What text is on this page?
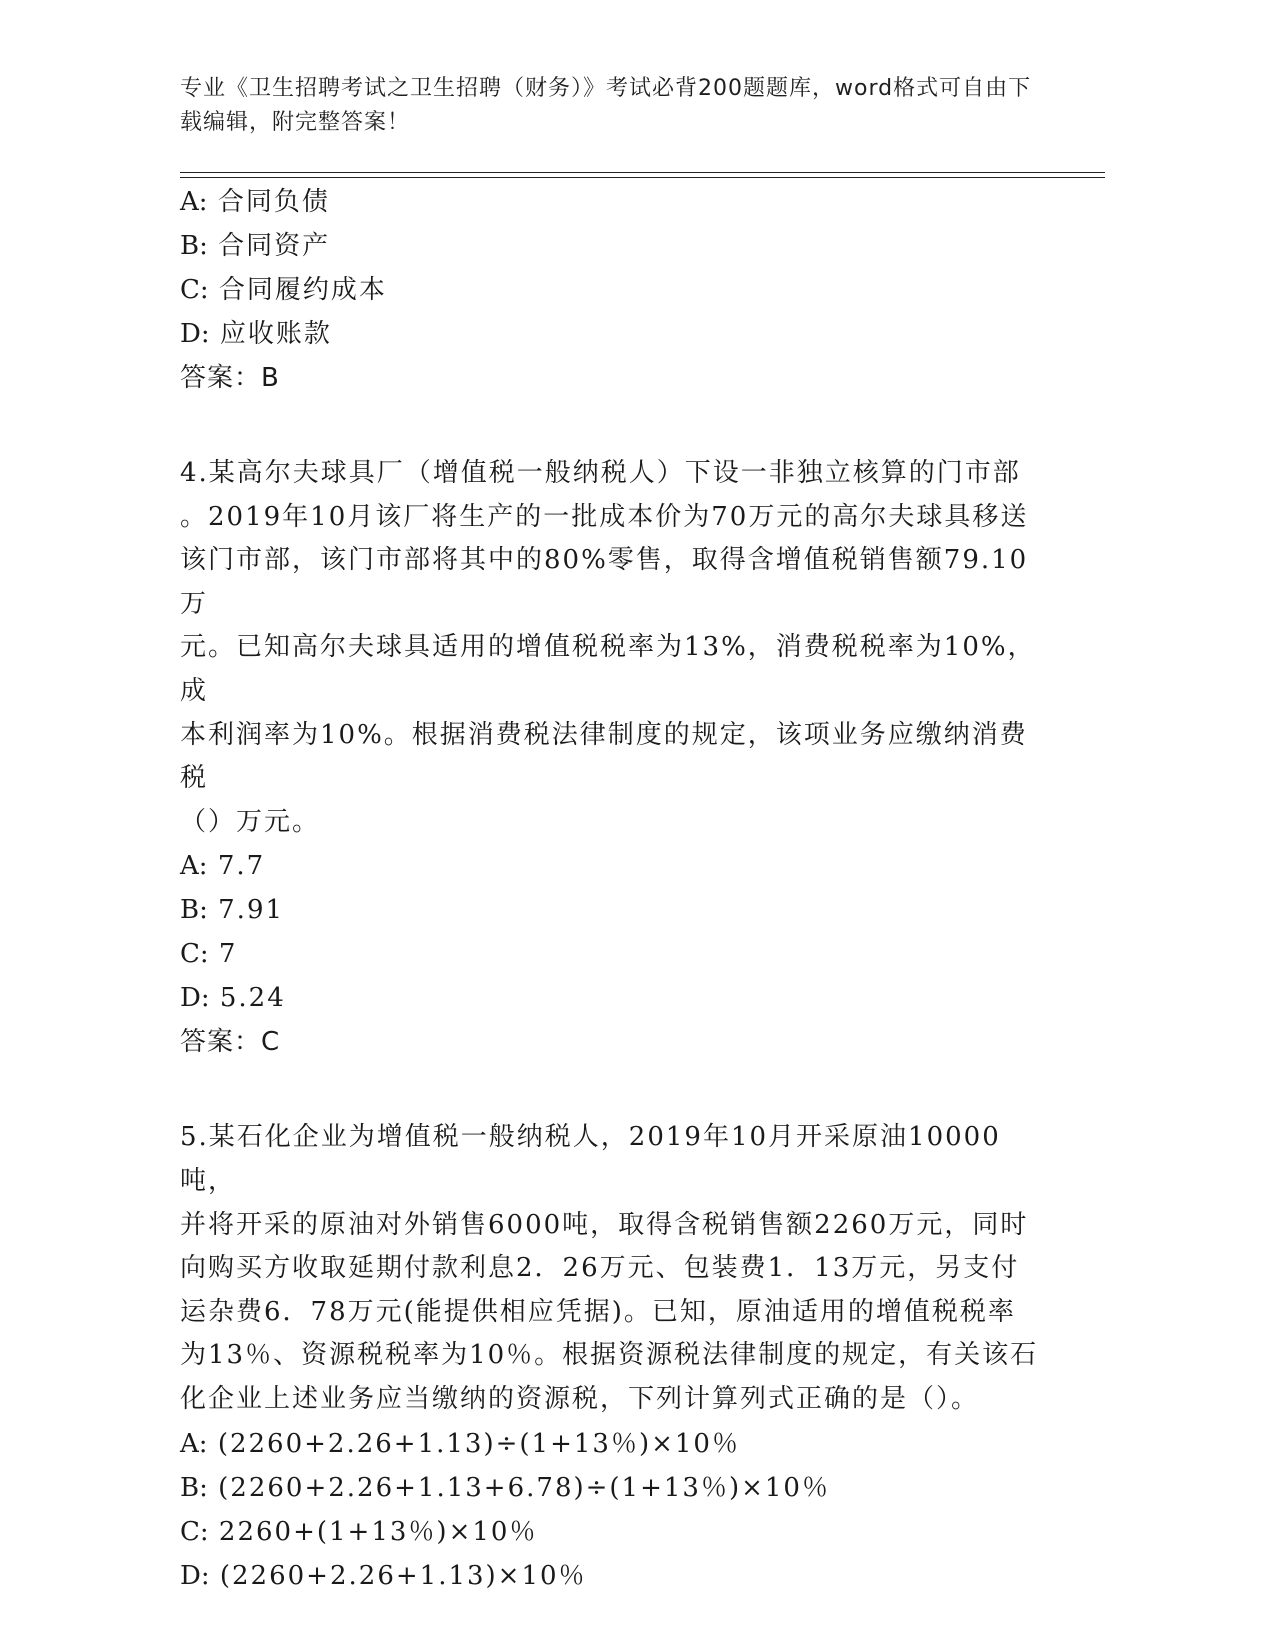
专业《卫生招聘考试之卫生招聘（财务）》考试必背200题题库，word格式可自由下载编辑，附完整答案！
A: 合同负债
B: 合同资产
C: 合同履约成本
D: 应收账款
答案：B
4.某高尔夫球具厂（增值税一般纳税人）下设一非独立核算的门市部
。2019年10月该厂将生产的一批成本价为70万元的高尔夫球具移送
该门市部，该门市部将其中的80%零售，取得含增值税销售额79.10万
元。已知高尔夫球具适用的增值税税率为13%，消费税税率为10%，成
本利润率为10%。根据消费税法律制度的规定，该项业务应缴纳消费税
（）万元。
A: 7.7
B: 7.91
C: 7
D: 5.24
答案：C
5.某石化企业为增值税一般纳税人，2019年10月开采原油10000吨，
并将开采的原油对外销售6000吨，取得含税销售额2260万元，同时
向购买方收取延期付款利息2．26万元、包装费1．13万元，另支付
运杂费6．78万元(能提供相应凭据)。已知，原油适用的增值税税率
为13％、资源税税率为10％。根据资源税法律制度的规定，有关该石
化企业上述业务应当缴纳的资源税，下列计算列式正确的是（）。
A: (2260+2.26+1.13)÷(1+13％)×10％
B: (2260+2.26+1.13+6.78)÷(1+13％)×10％
C: 2260+(1+13％)×10％
D: (2260+2.26+1.13)×10％
